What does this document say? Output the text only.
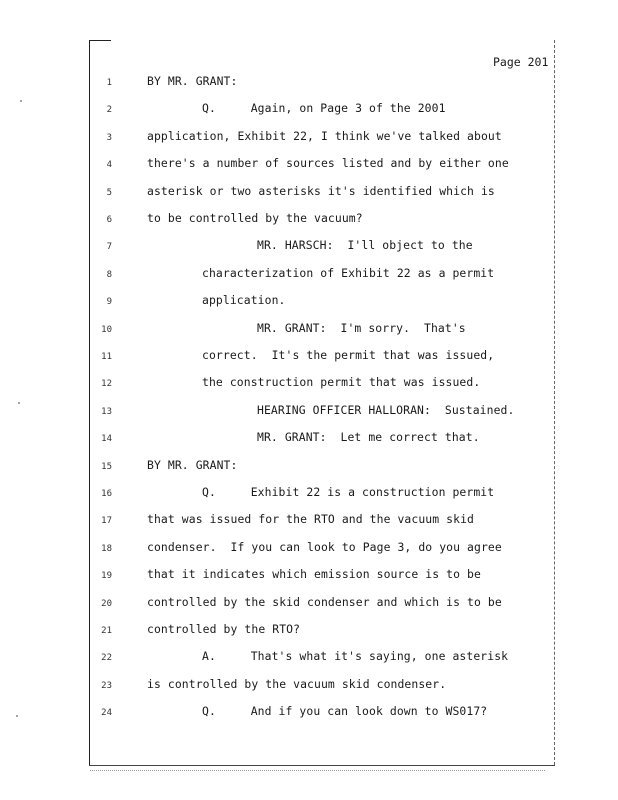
Page 201
1	BY MR. GRANT:
2	Q.     Again, on Page 3 of the 2001
3	application, Exhibit 22, I think we've talked about
4	there's a number of sources listed and by either one
5	asterisk or two asterisks it's identified which is
6	to be controlled by the vacuum?
7	MR. HARSCH:  I'll object to the
8	characterization of Exhibit 22 as a permit
9	application.
10	MR. GRANT:  I'm sorry.  That's
11	correct.  It's the permit that was issued,
12	the construction permit that was issued.
13	HEARING OFFICER HALLORAN:  Sustained.
14	MR. GRANT:  Let me correct that.
15	BY MR. GRANT:
16	Q.     Exhibit 22 is a construction permit
17	that was issued for the RTO and the vacuum skid
18	condenser.  If you can look to Page 3, do you agree
19	that it indicates which emission source is to be
20	controlled by the skid condenser and which is to be
21	controlled by the RTO?
22	A.     That's what it's saying, one asterisk
23	is controlled by the vacuum skid condenser.
24	Q.     And if you can look down to WS017?
